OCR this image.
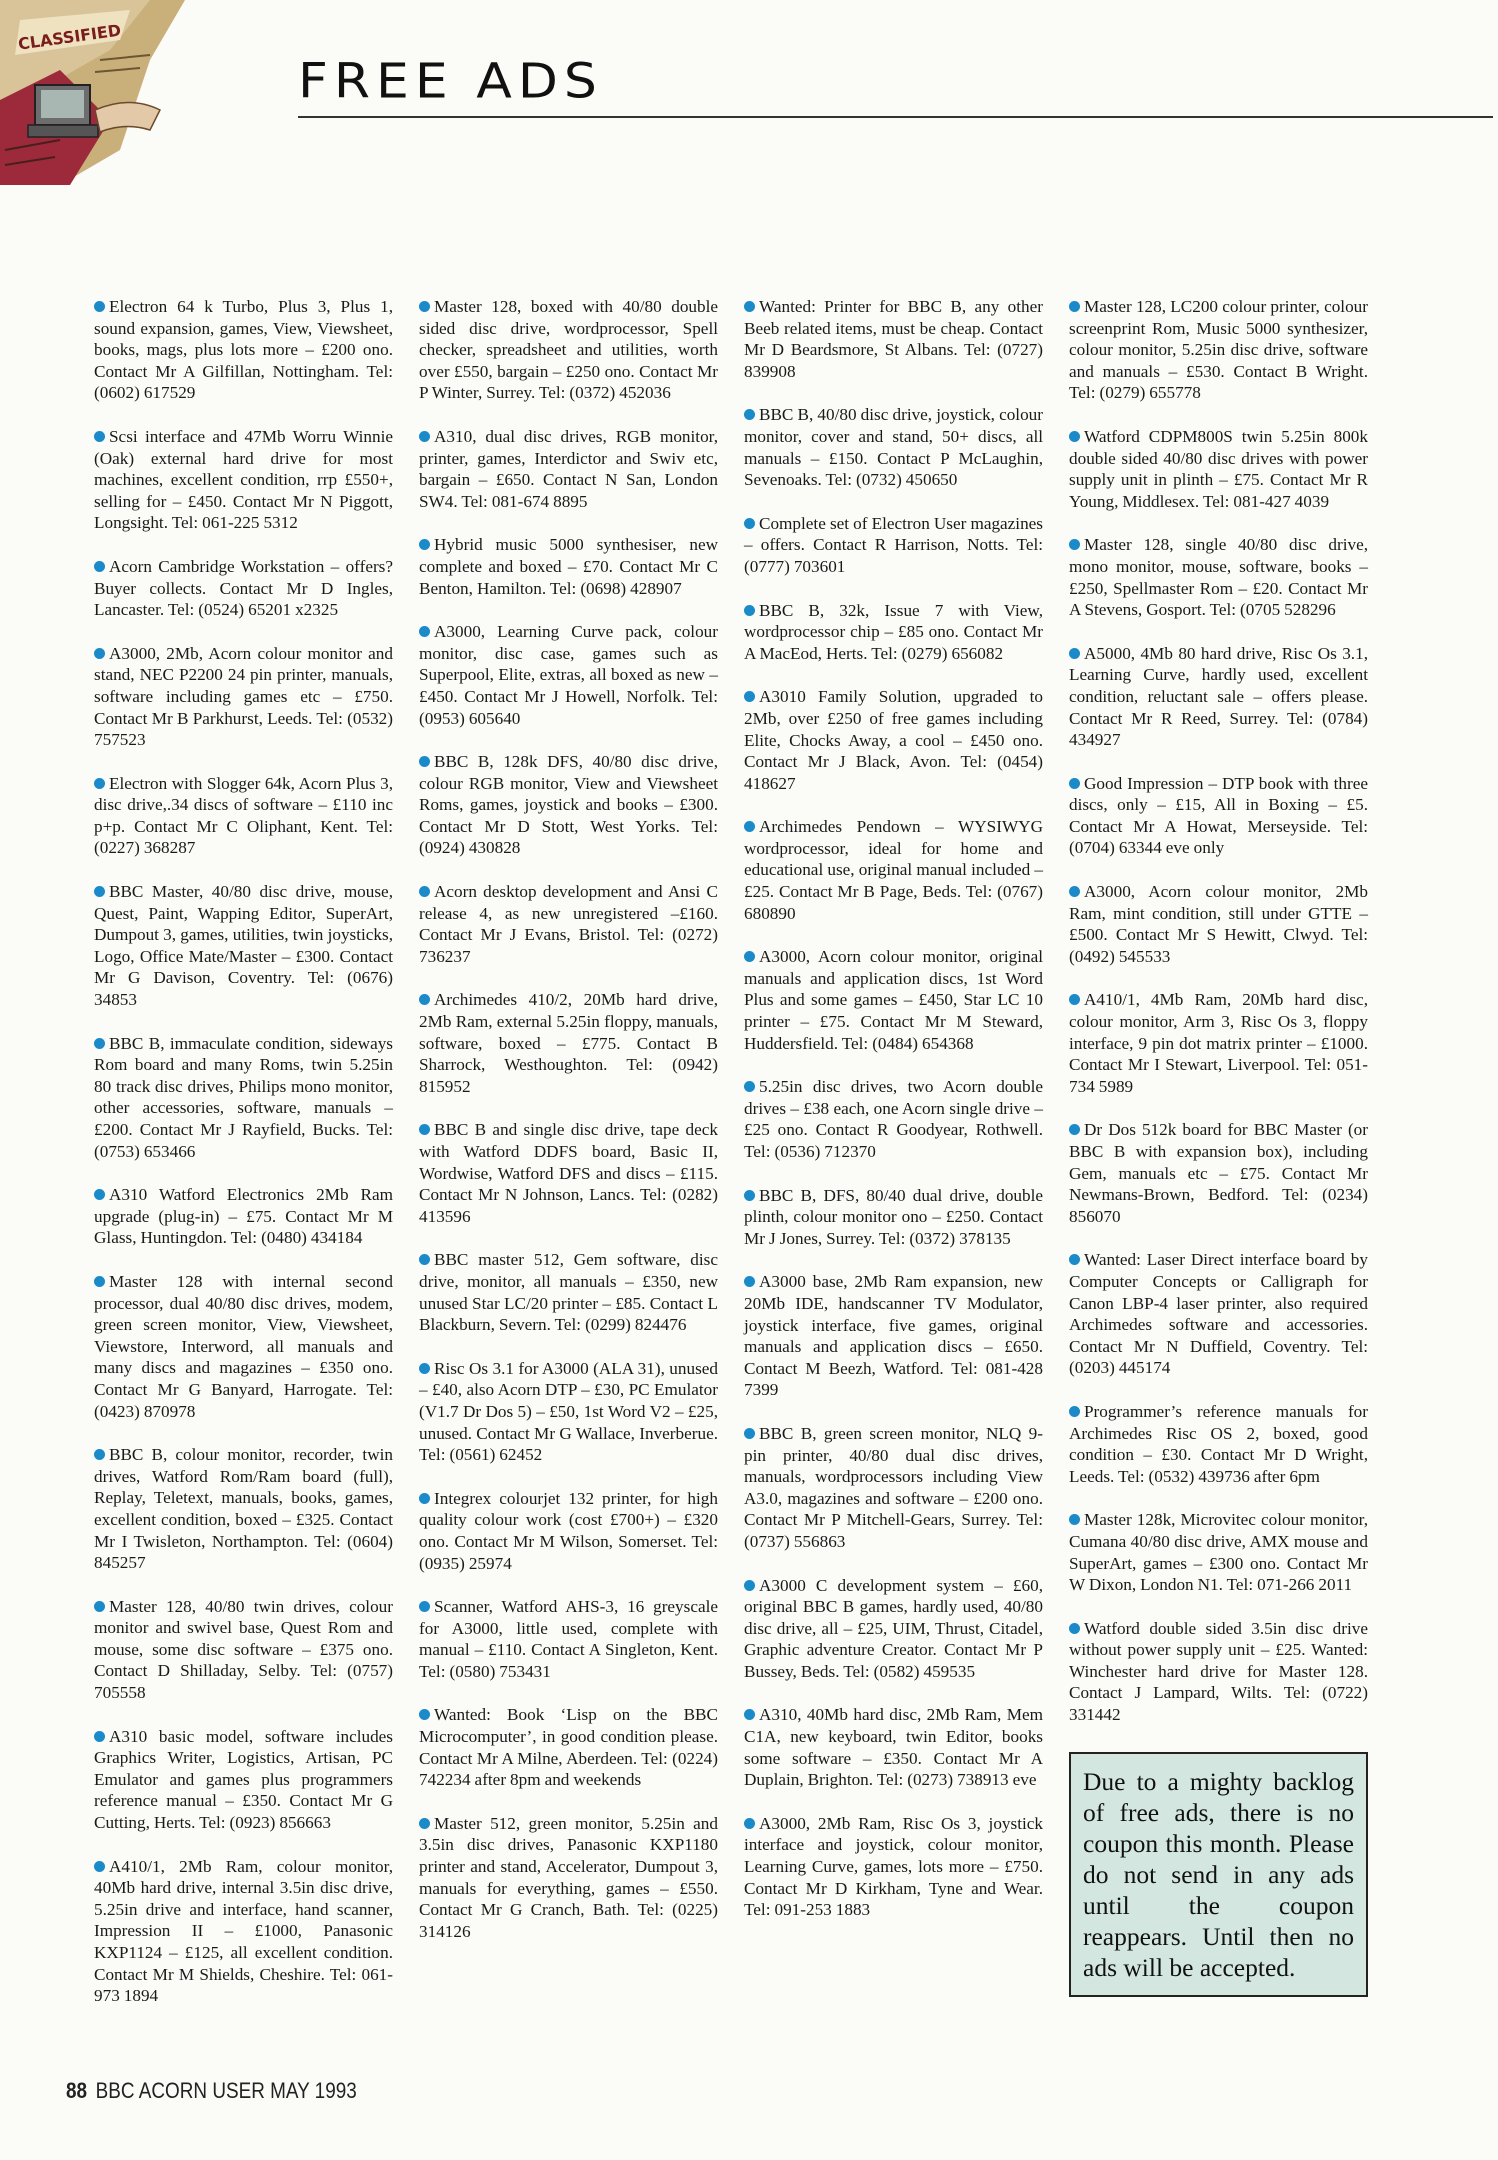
CLASSIFIED
FREE ADS

Electron 64 k Turbo, Plus 3, Plus 1, sound expansion, games, View, Viewsheet, books, mags, plus lots more – £200 ono. Contact Mr A Gilfillan, Nottingham. Tel: (0602) 617529

Scsi interface and 47Mb Worru Winnie (Oak) external hard drive for most machines, excellent condition, rrp £550+, selling for – £450. Contact Mr N Piggott, Longsight. Tel: 061-225 5312

Acorn Cambridge Workstation – offers? Buyer collects. Contact Mr D Ingles, Lancaster. Tel: (0524) 65201 x2325

A3000, 2Mb, Acorn colour monitor and stand, NEC P2200 24 pin printer, manuals, software including games etc – £750. Contact Mr B Parkhurst, Leeds. Tel: (0532) 757523

Electron with Slogger 64k, Acorn Plus 3, disc drive,.34 discs of software – £110 inc p+p. Contact Mr C Oliphant, Kent. Tel: (0227) 368287

BBC Master, 40/80 disc drive, mouse, Quest, Paint, Wapping Editor, SuperArt, Dumpout 3, games, utilities, twin joysticks, Logo, Office Mate/Master – £300. Contact Mr G Davison, Coventry. Tel: (0676) 34853

BBC B, immaculate condition, sideways Rom board and many Roms, twin 5.25in 80 track disc drives, Philips mono monitor, other accessories, software, manuals – £200. Contact Mr J Rayfield, Bucks. Tel: (0753) 653466

A310 Watford Electronics 2Mb Ram upgrade (plug-in) – £75. Contact Mr M Glass, Huntingdon. Tel: (0480) 434184

Master 128 with internal second processor, dual 40/80 disc drives, modem, green screen monitor, View, Viewsheet, Viewstore, Interword, all manuals and many discs and magazines – £350 ono. Contact Mr G Banyard, Harrogate. Tel: (0423) 870978

BBC B, colour monitor, recorder, twin drives, Watford Rom/Ram board (full), Replay, Teletext, manuals, books, games, excellent condition, boxed – £325. Contact Mr I Twisleton, Northampton. Tel: (0604) 845257

Master 128, 40/80 twin drives, colour monitor and swivel base, Quest Rom and mouse, some disc software – £375 ono. Contact D Shilladay, Selby. Tel: (0757) 705558

A310 basic model, software includes Graphics Writer, Logistics, Artisan, PC Emulator and games plus programmers reference manual – £350. Contact Mr G Cutting, Herts. Tel: (0923) 856663

A410/1, 2Mb Ram, colour monitor, 40Mb hard drive, internal 3.5in disc drive, 5.25in drive and interface, hand scanner, Impression II – £1000, Panasonic KXP1124 – £125, all excellent condition. Contact Mr M Shields, Cheshire. Tel: 061-973 1894

Master 128, boxed with 40/80 double sided disc drive, wordprocessor, Spell checker, spreadsheet and utilities, worth over £550, bargain – £250 ono. Contact Mr P Winter, Surrey. Tel: (0372) 452036

A310, dual disc drives, RGB monitor, printer, games, Interdictor and Swiv etc, bargain – £650. Contact N San, London SW4. Tel: 081-674 8895

Hybrid music 5000 synthesiser, new complete and boxed – £70. Contact Mr C Benton, Hamilton. Tel: (0698) 428907

A3000, Learning Curve pack, colour monitor, disc case, games such as Superpool, Elite, extras, all boxed as new – £450. Contact Mr J Howell, Norfolk. Tel: (0953) 605640

BBC B, 128k DFS, 40/80 disc drive, colour RGB monitor, View and Viewsheet Roms, games, joystick and books – £300. Contact Mr D Stott, West Yorks. Tel: (0924) 430828

Acorn desktop development and Ansi C release 4, as new unregistered –£160. Contact Mr J Evans, Bristol. Tel: (0272) 736237

Archimedes 410/2, 20Mb hard drive, 2Mb Ram, external 5.25in floppy, manuals, software, boxed – £775. Contact B Sharrock, Westhoughton. Tel: (0942) 815952

BBC B and single disc drive, tape deck with Watford DDFS board, Basic II, Wordwise, Watford DFS and discs – £115. Contact Mr N Johnson, Lancs. Tel: (0282) 413596

BBC master 512, Gem software, disc drive, monitor, all manuals – £350, new unused Star LC/20 printer – £85. Contact L Blackburn, Severn. Tel: (0299) 824476

Risc Os 3.1 for A3000 (ALA 31), unused – £40, also Acorn DTP – £30, PC Emulator (V1.7 Dr Dos 5) – £50, 1st Word V2 – £25, unused. Contact Mr G Wallace, Inverberue. Tel: (0561) 62452

Integrex colourjet 132 printer, for high quality colour work (cost £700+) – £320 ono. Contact Mr M Wilson, Somerset. Tel: (0935) 25974

Scanner, Watford AHS-3, 16 greyscale for A3000, little used, complete with manual – £110. Contact A Singleton, Kent. Tel: (0580) 753431

Wanted: Book ‘Lisp on the BBC Microcomputer’, in good condition please. Contact Mr A Milne, Aberdeen. Tel: (0224) 742234 after 8pm and weekends

Master 512, green monitor, 5.25in and 3.5in disc drives, Panasonic KXP1180 printer and stand, Accelerator, Dumpout 3, manuals for everything, games – £550. Contact Mr G Cranch, Bath. Tel: (0225) 314126

Wanted: Printer for BBC B, any other Beeb related items, must be cheap. Contact Mr D Beardsmore, St Albans. Tel: (0727) 839908

BBC B, 40/80 disc drive, joystick, colour monitor, cover and stand, 50+ discs, all manuals – £150. Contact P McLaughin, Sevenoaks. Tel: (0732) 450650

Complete set of Electron User magazines – offers. Contact R Harrison, Notts. Tel: (0777) 703601

BBC B, 32k, Issue 7 with View, wordprocessor chip – £85 ono. Contact Mr A MacEod, Herts. Tel: (0279) 656082

A3010 Family Solution, upgraded to 2Mb, over £250 of free games including Elite, Chocks Away, a cool – £450 ono. Contact Mr J Black, Avon. Tel: (0454) 418627

Archimedes Pendown – WYSIWYG wordprocessor, ideal for home and educational use, original manual included – £25. Contact Mr B Page, Beds. Tel: (0767) 680890

A3000, Acorn colour monitor, original manuals and application discs, 1st Word Plus and some games – £450, Star LC 10 printer – £75. Contact Mr M Steward, Huddersfield. Tel: (0484) 654368

5.25in disc drives, two Acorn double drives – £38 each, one Acorn single drive – £25 ono. Contact R Goodyear, Rothwell. Tel: (0536) 712370

BBC B, DFS, 80/40 dual drive, double plinth, colour monitor ono – £250. Contact Mr J Jones, Surrey. Tel: (0372) 378135

A3000 base, 2Mb Ram expansion, new 20Mb IDE, handscanner TV Modulator, joystick interface, five games, original manuals and application discs – £650. Contact M Beezh, Watford. Tel: 081-428 7399

BBC B, green screen monitor, NLQ 9-pin printer, 40/80 dual disc drives, manuals, wordprocessors including View A3.0, magazines and software – £200 ono. Contact Mr P Mitchell-Gears, Surrey. Tel: (0737) 556863

A3000 C development system – £60, original BBC B games, hardly used, 40/80 disc drive, all – £25, UIM, Thrust, Citadel, Graphic adventure Creator. Contact Mr P Bussey, Beds. Tel: (0582) 459535

A310, 40Mb hard disc, 2Mb Ram, Mem C1A, new keyboard, twin Editor, books some software – £350. Contact Mr A Duplain, Brighton. Tel: (0273) 738913 eve

A3000, 2Mb Ram, Risc Os 3, joystick interface and joystick, colour monitor, Learning Curve, games, lots more – £750. Contact Mr D Kirkham, Tyne and Wear. Tel: 091-253 1883

Master 128, LC200 colour printer, colour screenprint Rom, Music 5000 synthesizer, colour monitor, 5.25in disc drive, software and manuals – £530. Contact B Wright. Tel: (0279) 655778

Watford CDPM800S twin 5.25in 800k double sided 40/80 disc drives with power supply unit in plinth – £75. Contact Mr R Young, Middlesex. Tel: 081-427 4039

Master 128, single 40/80 disc drive, mono monitor, mouse, software, books – £250, Spellmaster Rom – £20. Contact Mr A Stevens, Gosport. Tel: (0705 528296

A5000, 4Mb 80 hard drive, Risc Os 3.1, Learning Curve, hardly used, excellent condition, reluctant sale – offers please. Contact Mr R Reed, Surrey. Tel: (0784) 434927

Good Impression – DTP book with three discs, only – £15, All in Boxing – £5. Contact Mr A Howat, Merseyside. Tel: (0704) 63344 eve only

A3000, Acorn colour monitor, 2Mb Ram, mint condition, still under GTTE – £500. Contact Mr S Hewitt, Clwyd. Tel: (0492) 545533

A410/1, 4Mb Ram, 20Mb hard disc, colour monitor, Arm 3, Risc Os 3, floppy interface, 9 pin dot matrix printer – £1000. Contact Mr I Stewart, Liverpool. Tel: 051-734 5989

Dr Dos 512k board for BBC Master (or BBC B with expansion box), including Gem, manuals etc – £75. Contact Mr Newmans-Brown, Bedford. Tel: (0234) 856070

Wanted: Laser Direct interface board by Computer Concepts or Calligraph for Canon LBP-4 laser printer, also required Archimedes software and accessories. Contact Mr N Duffield, Coventry. Tel: (0203) 445174

Programmer’s reference manuals for Archimedes Risc OS 2, boxed, good condition – £30. Contact Mr D Wright, Leeds. Tel: (0532) 439736 after 6pm

Master 128k, Microvitec colour monitor, Cumana 40/80 disc drive, AMX mouse and SuperArt, games – £300 ono. Contact Mr W Dixon, London N1. Tel: 071-266 2011

Watford double sided 3.5in disc drive without power supply unit – £25. Wanted: Winchester hard drive for Master 128. Contact J Lampard, Wilts. Tel: (0722) 331442

Due to a mighty backlog of free ads, there is no coupon this month. Please do not send in any ads until the coupon reappears. Until then no ads will be accepted.
88 BBC ACORN USER MAY 1993
